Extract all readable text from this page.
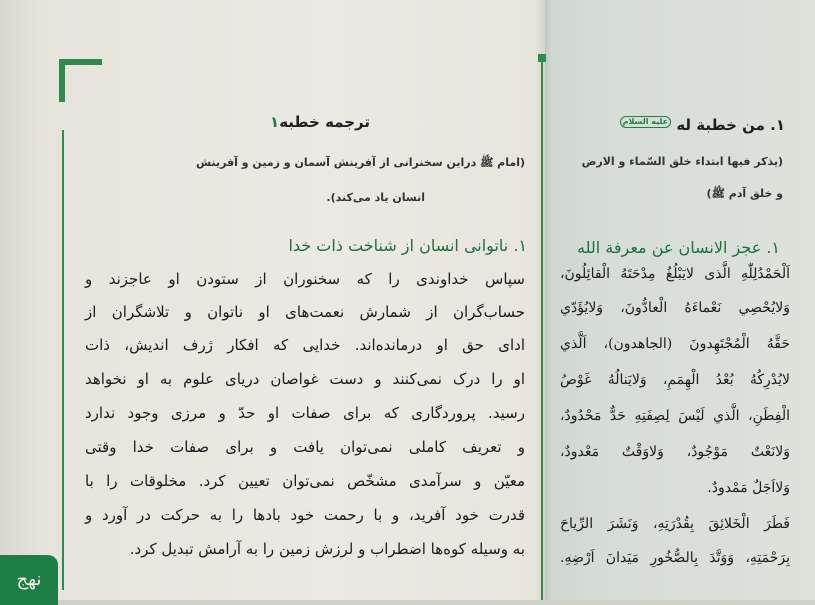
نهج
ترجمه خطبه۱
(امام ﷺ دراین سخنرانی از آفرینش آسمان و زمین و آفرینش
انسان یاد می‌کند).
۱. ناتوانی انسان از شناخت ذات خدا
سپاس خداوندی را که سخنوران از ستودن او عاجزند و
حساب‌گران از شمارش نعمت‌های او ناتوان و تلاشگران از
ادای حق او درمانده‌اند. خدایی که افکار ژرف اندیش، ذات
او را درک نمی‌کنند و دست غواصان دریای علوم به او نخواهد
رسید. پروردگاری که برای صفات او حدّ و مرزی وجود ندارد
و تعریف کاملی نمی‌توان یافت و برای صفات خدا وقتی
معیّن و سرآمدی مشخّص نمی‌توان تعیین کرد. مخلوقات را با
قدرت خود آفرید، و با رحمت خود بادها را به حرکت در آورد و
به وسیله کوه‌ها اضطراب و لرزش زمین را به آرامش تبدیل کرد.
۱. من خطبة له عليه السلام
(يذكر فيها ابتداء خلق السّماء و الارض
و خلق آدم ﷺ)
۱. عجز الانسان عن معرفة الله
اَلْحَمْدُلِلّٰهِ الَّذى لايَبْلُغُ مِدْحَتَهُ الْقائِلُونَ،
وَلايُحْصِي نَعْماءَهُ الْعادُّونَ، وَلايُؤَدّي
حَقَّهُ الْمُجْتَهِدونَ (الجاهدون)، اَلَّذي
لايُدْرِكُهُ بُعْدُ الْهِمَمِ، وَلايَنالُهُ غَوْصُ
الْفِطَنِ، الَّذي لَيْسَ لِصِفَتِهِ حَدٌّ مَحْدُودٌ،
وَلانَعْتٌ مَوْجُودٌ، وَلاوَقْتٌ مَعْدودٌ،
وَلااَجَلٌ مَمْدودٌ.
فَطَرَ الْخَلائِقَ بِقُدْرَتِهِ، وَنَشَرَ الرِّياحَ
بِرَحْمَتِهِ، وَوَتَّدَ بِالصُّخُورِ مَيَدانَ اَرْضِهِ.
